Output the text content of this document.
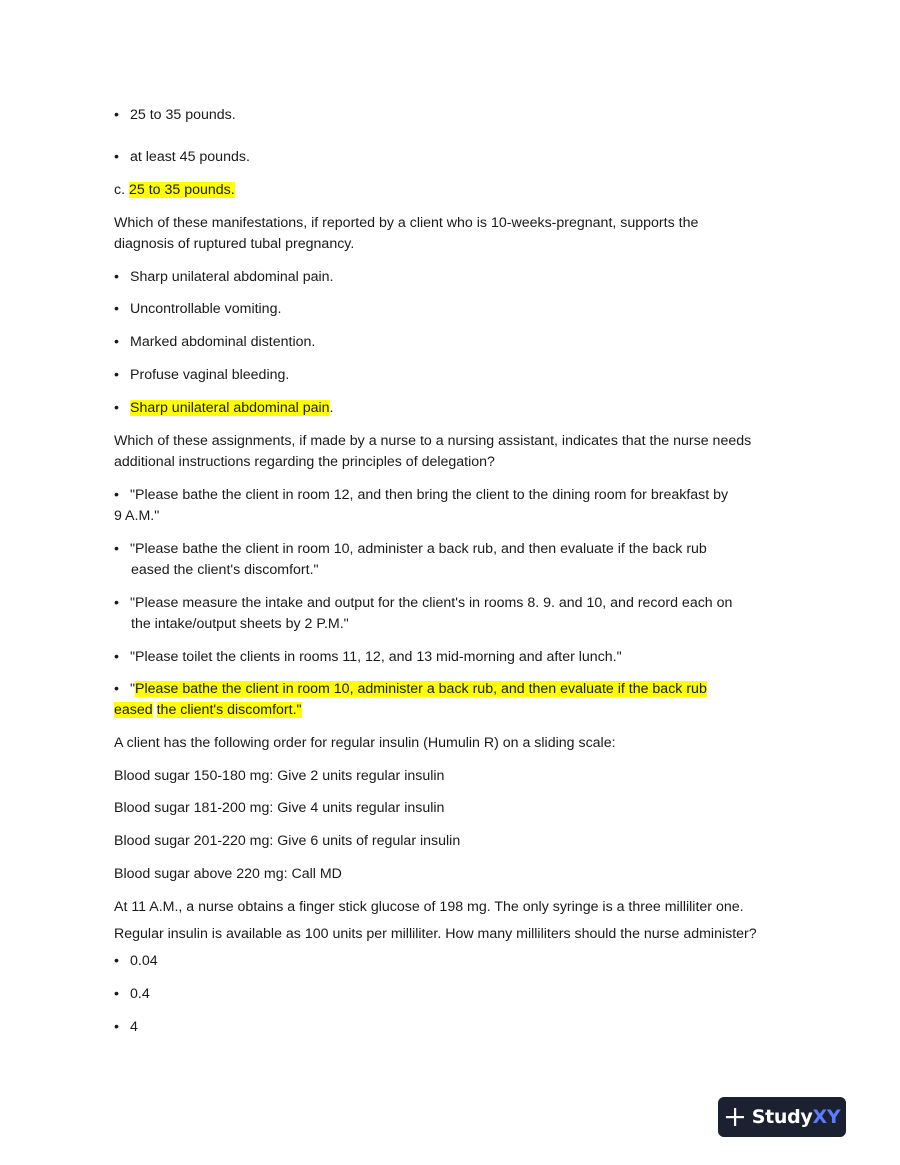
• 25 to 35 pounds.
• at least 45 pounds.
c. 25 to 35 pounds.
Which of these manifestations, if reported by a client who is 10-weeks-pregnant, supports the
diagnosis of ruptured tubal pregnancy.
• Sharp unilateral abdominal pain.
• Uncontrollable vomiting.
• Marked abdominal distention.
• Profuse vaginal bleeding.
• Sharp unilateral abdominal pain.
Which of these assignments, if made by a nurse to a nursing assistant, indicates that the nurse needs
additional instructions regarding the principles of delegation?
• "Please bathe the client in room 12, and then bring the client to the dining room for breakfast by
9 A.M."
• "Please bathe the client in room 10, administer a back rub, and then evaluate if the back rub
eased the client's discomfort."
• "Please measure the intake and output for the client's in rooms 8. 9. and 10, and record each on
the intake/output sheets by 2 P.M."
• "Please toilet the clients in rooms 11, 12, and 13 mid-morning and after lunch."
• "Please bathe the client in room 10, administer a back rub, and then evaluate if the back rub
eased the client's discomfort."
A client has the following order for regular insulin (Humulin R) on a sliding scale:
Blood sugar 150-180 mg: Give 2 units regular insulin
Blood sugar 181-200 mg: Give 4 units regular insulin
Blood sugar 201-220 mg: Give 6 units of regular insulin
Blood sugar above 220 mg: Call MD
At 11 A.M., a nurse obtains a finger stick glucose of 198 mg. The only syringe is a three milliliter one.
Regular insulin is available as 100 units per milliliter. How many milliliters should the nurse administer?
• 0.04
• 0.4
• 4
StudyXY
